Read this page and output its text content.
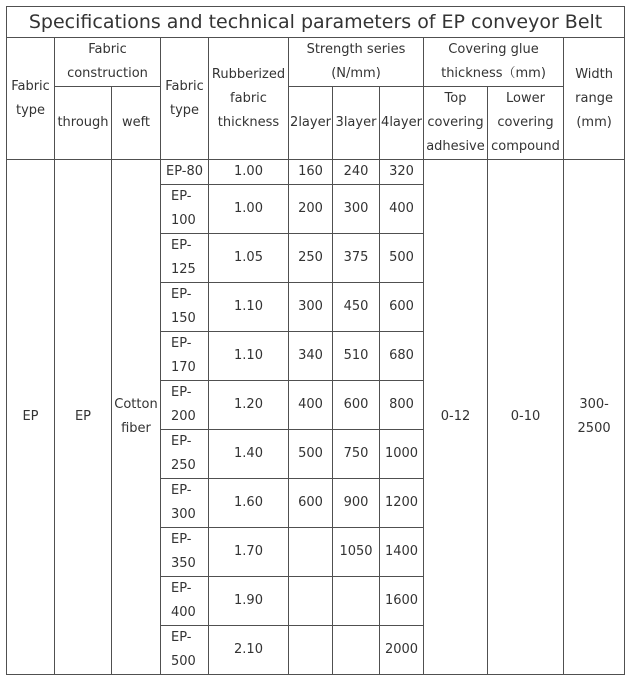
Specifications and technical parameters of EP conveyor Belt										
Fabric type	Fabric construction		Fabric type	Rubberized fabric thickness	Strength series (N/mm)			Covering glue thickness（mm)		Width range (mm)
	through	weft			2layer	3layer	4layer	Top covering adhesive	Lower covering compound	
EP	EP	Cotton fiber	EP-80	1.00	160	240	320	0-12	0-10	300-2500
			EP-100	1.00	200	300	400			
			EP-125	1.05	250	375	500			
			EP-150	1.10	300	450	600			
			EP-170	1.10	340	510	680			
			EP-200	1.20	400	600	800			
			EP-250	1.40	500	750	1000			
			EP-300	1.60	600	900	1200			
			EP-350	1.70		1050	1400			
			EP-400	1.90			1600			
			EP-500	2.10			2000			
